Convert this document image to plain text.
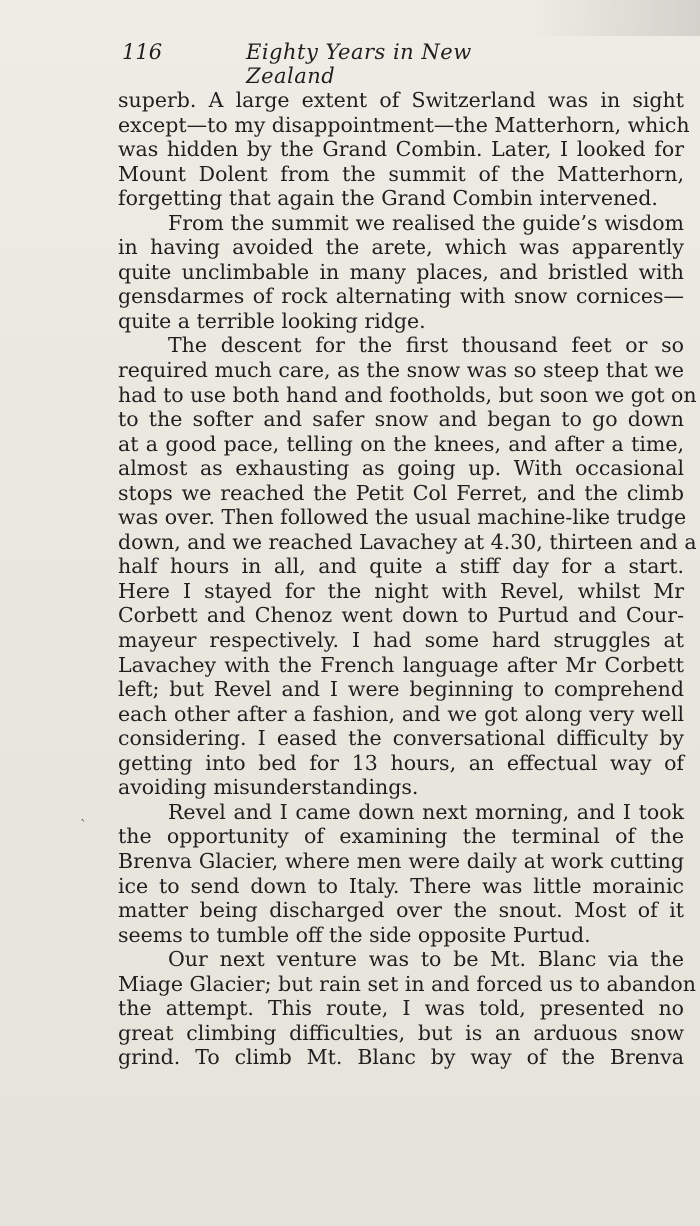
116	Eighty Years in New Zealand
superb. A large extent of Switzerland was in sight
except—to my disappointment—the Matterhorn, which
was hidden by the Grand Combin. Later, I looked for
Mount Dolent from the summit of the Matterhorn,
forgetting that again the Grand Combin intervened.
From the summit we realised the guide’s wisdom
in having avoided the arete, which was apparently
quite unclimbable in many places, and bristled with
gensdarmes of rock alternating with snow cornices—
quite a terrible looking ridge.
The descent for the first thousand feet or so
required much care, as the snow was so steep that we
had to use both hand and footholds, but soon we got on
to the softer and safer snow and began to go down
at a good pace, telling on the knees, and after a time,
almost as exhausting as going up. With occasional
stops we reached the Petit Col Ferret, and the climb
was over. Then followed the usual machine-like trudge
down, and we reached Lavachey at 4.30, thirteen and a
half hours in all, and quite a stiff day for a start.
Here I stayed for the night with Revel, whilst Mr
Corbett and Chenoz went down to Purtud and Cour-
mayeur respectively. I had some hard struggles at
Lavachey with the French language after Mr Corbett
left; but Revel and I were beginning to comprehend
each other after a fashion, and we got along very well
considering. I eased the conversational difficulty by
getting into bed for 13 hours, an effectual way of
avoiding misunderstandings.
Revel and I came down next morning, and I took
the opportunity of examining the terminal of the
Brenva Glacier, where men were daily at work cutting
ice to send down to Italy. There was little morainic
matter being discharged over the snout. Most of it
seems to tumble off the side opposite Purtud.
Our next venture was to be Mt. Blanc via the
Miage Glacier; but rain set in and forced us to abandon
the attempt. This route, I was told, presented no
great climbing difficulties, but is an arduous snow
grind. To climb Mt. Blanc by way of the Brenva
ˋ
